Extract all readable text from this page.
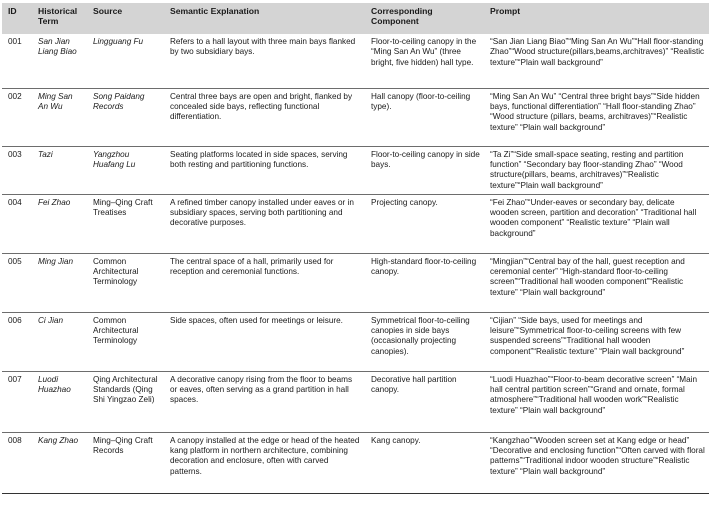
ID	Historical Term	Source	Semantic Explanation	Corresponding Component	Prompt
001	San Jian Liang Biao	Lingguang Fu	Refers to a hall layout with three main bays flanked by two subsidiary bays.	Floor-to-ceiling canopy in the “Ming San An Wu” (three bright, five hidden) hall type.	“San Jian Liang Biao”“Ming San An Wu”“Hall floor-standing Zhao”“Wood structure(pillars,beams,architraves)” “Realistic texture”“Plain wall background”
002	Ming San An Wu	Song Paidang Records	Central three bays are open and bright, flanked by concealed side bays, reflecting functional differentiation.	Hall canopy (floor-to-ceiling type).	“Ming San An Wu” “Central three bright bays”“Side hidden bays, functional differentiation” “Hall floor-standing Zhao” “Wood structure (pillars, beams, architraves)”“Realistic texture” “Plain wall background”
003	Tazi	Yangzhou Huafang Lu	Seating platforms located in side spaces, serving both resting and partitioning functions.	Floor-to-ceiling canopy in side bays.	“Ta Zi”“Side small-space seating, resting and partition function” “Secondary bay floor-standing Zhao” “Wood structure(pillars, beams, architraves)”“Realistic texture”“Plain wall background”
004	Fei Zhao	Ming–Qing Craft Treatises	A refined timber canopy installed under eaves or in subsidiary spaces, serving both partitioning and decorative purposes.	Projecting canopy.	“Fei Zhao”“Under-eaves or secondary bay, delicate wooden screen, partition and decoration” “Traditional hall wooden component” “Realistic texture” “Plain wall background”
005	Ming Jian	Common Architectural Terminology	The central space of a hall, primarily used for reception and ceremonial functions.	High-standard floor-to-ceiling canopy.	“Mingjian”“Central bay of the hall, guest reception and ceremonial center” “High-standard floor-to-ceiling screen”“Traditional hall wooden component”“Realistic texture” “Plain wall background”
006	Ci Jian	Common Architectural Terminology	Side spaces, often used for meetings or leisure.	Symmetrical floor-to-ceiling canopies in side bays (occasionally projecting canopies).	“Cijian” “Side bays, used for meetings and leisure”“Symmetrical floor-to-ceiling screens with few suspended screens”“Traditional hall wooden component”“Realistic texture” “Plain wall background”
007	Luodi Huazhao	Qing Architectural Standards (Qing Shi Yingzao Zeli)	A decorative canopy rising from the floor to beams or eaves, often serving as a grand partition in hall spaces.	Decorative hall partition canopy.	“Luodi Huazhao”“Floor-to-beam decorative screen” “Main hall central partition screen”“Grand and ornate, formal atmosphere”“Traditional hall wooden work”“Realistic texture” “Plain wall background”
008	Kang Zhao	Ming–Qing Craft Records	A canopy installed at the edge or head of the heated kang platform in northern architecture, combining decoration and enclosure, often with carved patterns.	Kang canopy.	“Kangzhao”“Wooden screen set at Kang edge or head” “Decorative and enclosing function”“Often carved with floral patterns”“Traditional indoor wooden structure”“Realistic texture” “Plain wall background”
